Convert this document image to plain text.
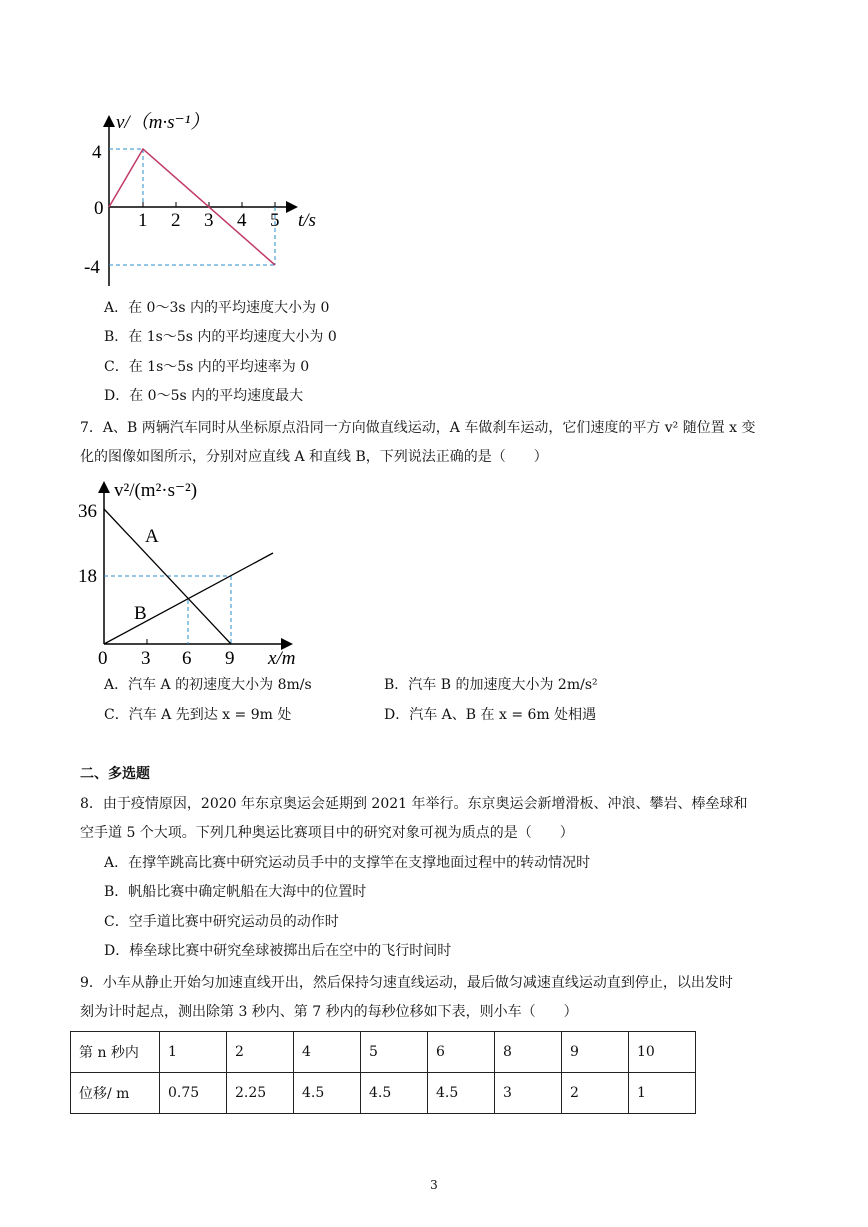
v/（m·s⁻¹）
4
0
-4
1 2 3 4 5 t/s
A．在 0～3s 内的平均速度大小为 0
B．在 1s～5s 内的平均速度大小为 0
C．在 1s～5s 内的平均速率为 0
D．在 0～5s 内的平均速度最大
7．A、B 两辆汽车同时从坐标原点沿同一方向做直线运动，A 车做刹车运动，它们速度的平方 v² 随位置 x 变
化的图像如图所示，分别对应直线 A 和直线 B，下列说法正确的是（　　）
v²/(m²·s⁻²)
36
18
0 3 6 9 x/m
A
B
A．汽车 A 的初速度大小为 8m/s	B．汽车 B 的加速度大小为 2m/s²
C．汽车 A 先到达 x = 9m 处	D．汽车 A、B 在 x = 6m 处相遇
二、多选题
8．由于疫情原因，2020 年东京奥运会延期到 2021 年举行。东京奥运会新增滑板、冲浪、攀岩、棒垒球和
空手道 5 个大项。下列几种奥运比赛项目中的研究对象可视为质点的是（　　）
A．在撑竿跳高比赛中研究运动员手中的支撑竿在支撑地面过程中的转动情况时
B．帆船比赛中确定帆船在大海中的位置时
C．空手道比赛中研究运动员的动作时
D．棒垒球比赛中研究垒球被掷出后在空中的飞行时间时
9．小车从静止开始匀加速直线开出，然后保持匀速直线运动，最后做匀减速直线运动直到停止，以出发时
刻为计时起点，测出除第 3 秒内、第 7 秒内的每秒位移如下表，则小车（　　）
第 n 秒内	1	2	4	5	6	8	9	10
位移/ m	0.75	2.25	4.5	4.5	4.5	3	2	1
3
